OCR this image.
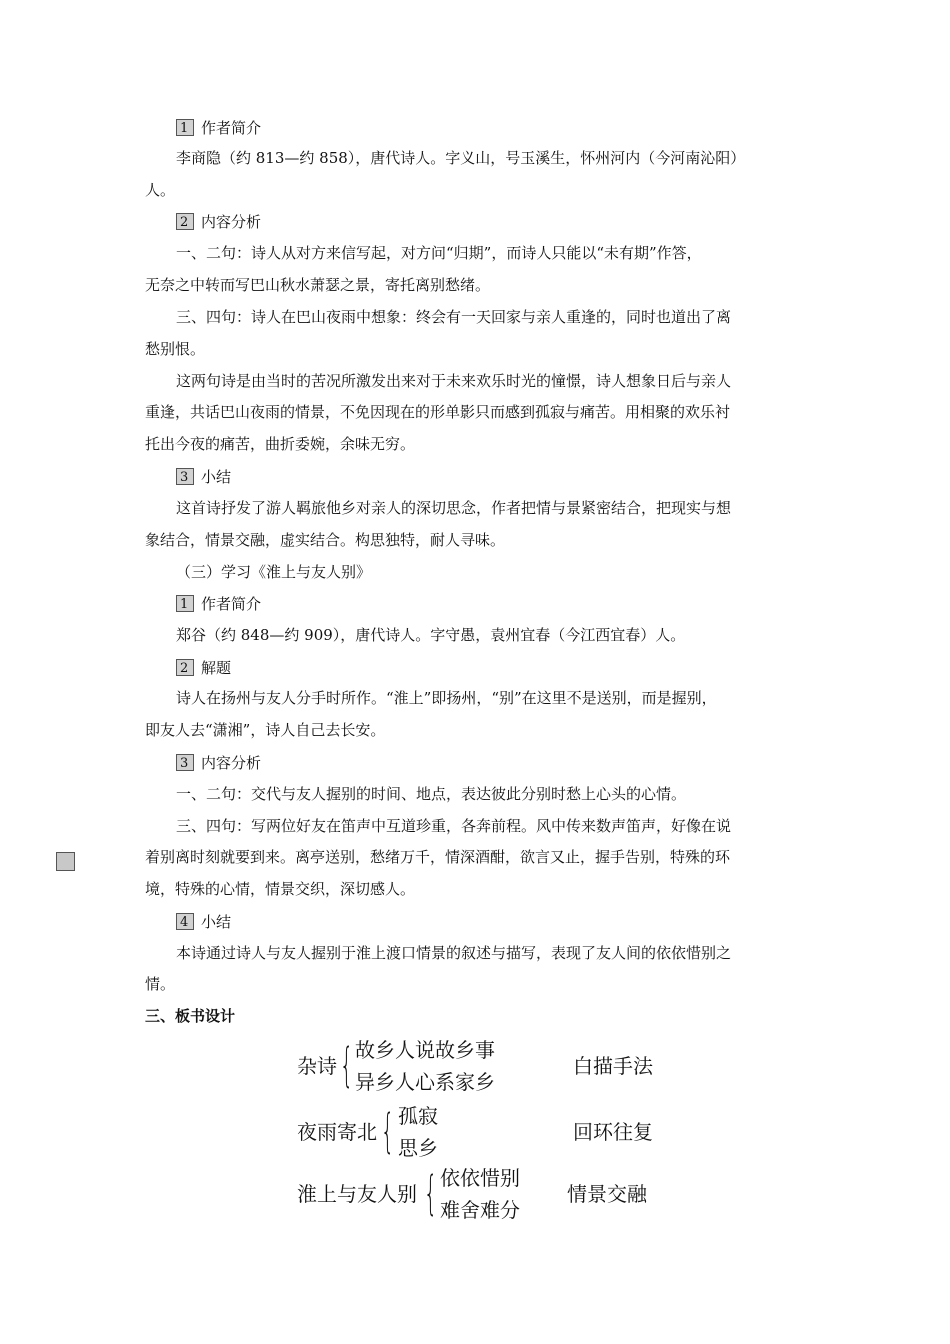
1 作者简介
李商隐（约 813—约 858），唐代诗人。字义山，号玉溪生，怀州河内（今河南沁阳）
人。
2 内容分析
一、二句：诗人从对方来信写起，对方问“归期”，而诗人只能以“未有期”作答，
无奈之中转而写巴山秋水萧瑟之景，寄托离别愁绪。
三、四句：诗人在巴山夜雨中想象：终会有一天回家与亲人重逢的，同时也道出了离
愁别恨。
这两句诗是由当时的苦况所激发出来对于未来欢乐时光的憧憬，诗人想象日后与亲人
重逢，共话巴山夜雨的情景，不免因现在的形单影只而感到孤寂与痛苦。用相聚的欢乐衬
托出今夜的痛苦，曲折委婉，余味无穷。
3 小结
这首诗抒发了游人羁旅他乡对亲人的深切思念，作者把情与景紧密结合，把现实与想
象结合，情景交融，虚实结合。构思独特，耐人寻味。
（三）学习《淮上与友人别》
1 作者简介
郑谷（约 848—约 909），唐代诗人。字守愚，袁州宜春（今江西宜春）人。
2 解题
诗人在扬州与友人分手时所作。“淮上”即扬州，“别”在这里不是送别，而是握别，
即友人去“潇湘”，诗人自己去长安。
3 内容分析
一、二句：交代与友人握别的时间、地点，表达彼此分别时愁上心头的心情。
三、四句：写两位好友在笛声中互道珍重，各奔前程。风中传来数声笛声，好像在说
着别离时刻就要到来。离亭送别，愁绪万千，情深酒酣，欲言又止，握手告别，特殊的环
境，特殊的心情，情景交织，深切感人。
4 小结
本诗通过诗人与友人握别于淮上渡口情景的叙述与描写，表现了友人间的依依惜别之
情。
三、板书设计
杂诗 { 故乡人说故乡事
异乡人心系家乡
白描手法
夜雨寄北 { 孤寂
思乡
回环往复
淮上与友人别 { 依依惜别
难舍难分
情景交融
